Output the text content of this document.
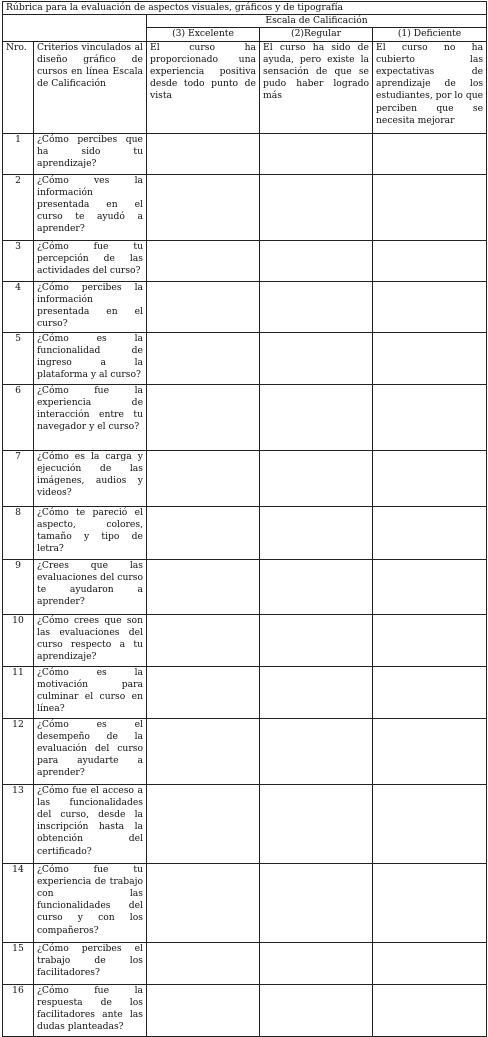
Rúbrica para la evaluación de aspectos visuales, gráficos y de tipografía				
		Escala de Calificación		
		(3) Excelente	(2)Regular	(1) Deficiente
Nro.	Criterios vinculados al diseño gráfico de cursos en línea Escala de Calificación	El curso ha proporcionado una experiencia positiva desde todo punto de vista	El curso ha sido de ayuda, pero existe la sensación de que se pudo haber logrado más	El curso no ha cubierto las expectativas de aprendizaje de los estudiantes, por lo que perciben que se necesita mejorar
1	¿Cómo percibes que ha sido tu aprendizaje?			
2	¿Cómo ves la información presentada en el curso te ayudó a aprender?			
3	¿Cómo fue tu percepción de las actividades del curso?			
4	¿Cómo percibes la información presentada en el curso?			
5	¿Cómo es la funcionalidad de ingreso a la plataforma y al curso?			
6	¿Cómo fue la experiencia de interacción entre tu navegador y el curso?			
7	¿Cómo es la carga y ejecución de las imágenes, audios y videos?			
8	¿Cómo te pareció el aspecto, colores, tamaño y tipo de letra?			
9	¿Crees que las evaluaciones del curso te ayudaron a aprender?			
10	¿Cómo crees que son las evaluaciones del curso respecto a tu aprendizaje?			
11	¿Cómo es la motivación para culminar el curso en línea?			
12	¿Cómo es el desempeño de la evaluación del curso para ayudarte a aprender?			
13	¿Cómo fue el acceso a las funcionalidades del curso, desde la inscripción hasta la obtención del certificado?			
14	¿Cómo fue tu experiencia de trabajo con las funcionalidades del curso y con los compañeros?			
15	¿Cómo percibes el trabajo de los facilitadores?			
16	¿Cómo fue la respuesta de los facilitadores ante las dudas planteadas?			
